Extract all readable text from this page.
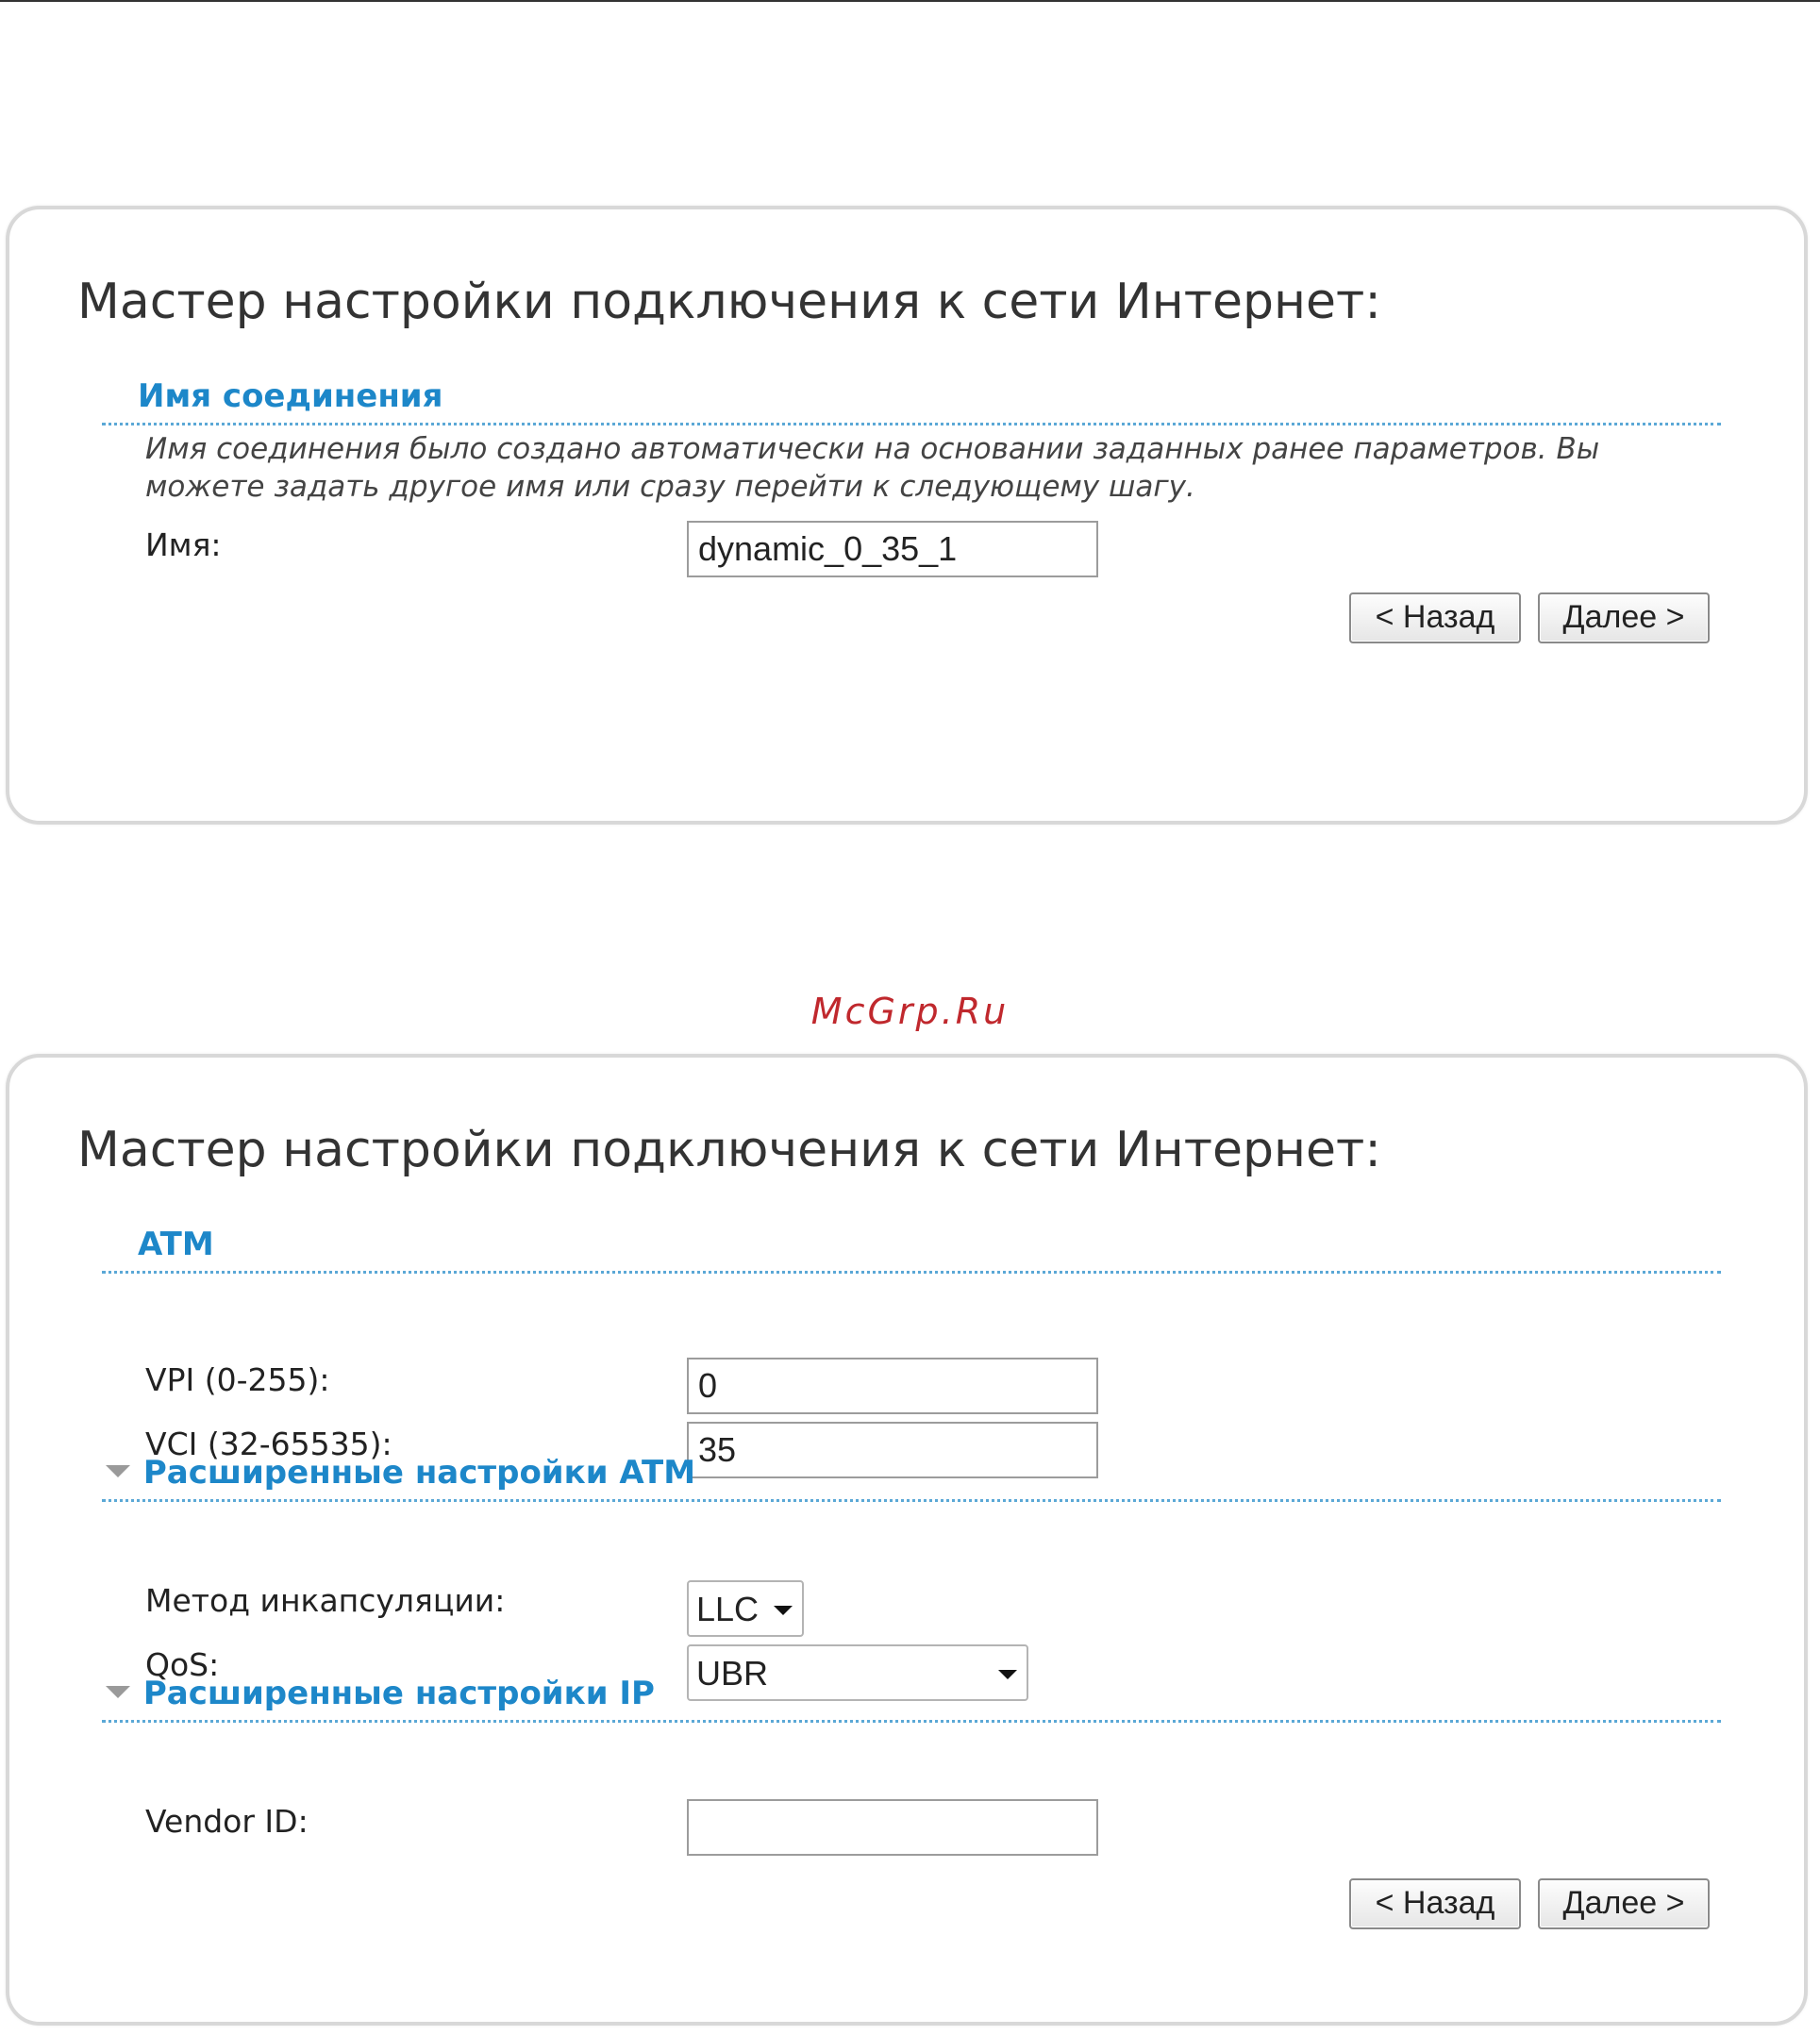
Мастер настройки подключения к сети Интернет:
Имя соединения

Имя соединения было создано автоматически на основании заданных ранее параметров. Вы можете задать другое имя или сразу перейти к следующему шагу.

Имя:
dynamic_0_35_1
< Назад	Далее >
McGrp.Ru
Мастер настройки подключения к сети Интернет:
ATM
VPI (0-255):
0
VCI (32-65535):
35
Расширенные настройки ATM
Метод инкапсуляции:	LLC
QoS:	UBR
Расширенные настройки IP
Vendor ID:
< Назад	Далее >
